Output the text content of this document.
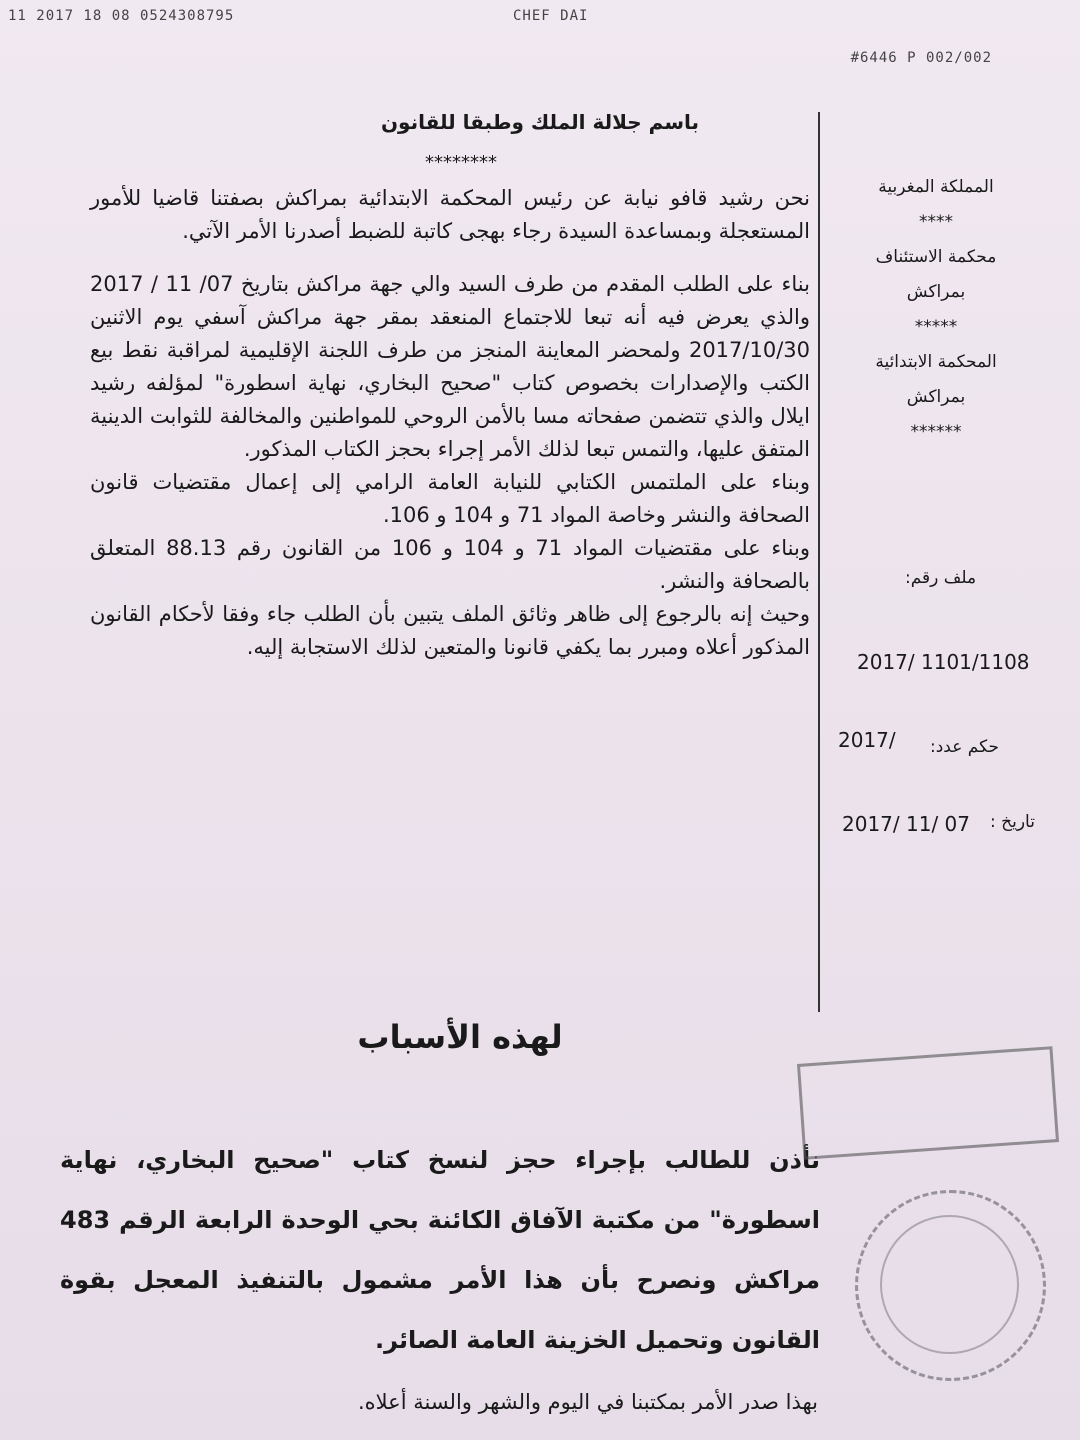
11 2017 18 08 0524308795	CHEF DAI
#6446 P 002/002
باسم جلالة الملك وطبقا للقانون
********

نحن رشيد قافو نيابة عن رئيس المحكمة الابتدائية بمراكش بصفتنا قاضيا للأمور المستعجلة وبمساعدة السيدة رجاء بهجى كاتبة للضبط أصدرنا الأمر الآتي.

بناء على الطلب المقدم من طرف السيد والي جهة مراكش بتاريخ 07/ 11 / 2017 والذي يعرض فيه أنه تبعا للاجتماع المنعقد بمقر جهة مراكش آسفي يوم الاثنين 2017/10/30 ولمحضر المعاينة المنجز من طرف اللجنة الإقليمية لمراقبة نقط بيع الكتب والإصدارات بخصوص كتاب "صحيح البخاري، نهاية اسطورة" لمؤلفه رشيد ايلال والذي تتضمن صفحاته مسا بالأمن الروحي للمواطنين والمخالفة للثوابت الدينية المتفق عليها، والتمس تبعا لذلك الأمر إجراء بحجز الكتاب المذكور.

وبناء على الملتمس الكتابي للنيابة العامة الرامي إلى إعمال مقتضيات قانون الصحافة والنشر وخاصة المواد 71 و 104 و 106.

وبناء على مقتضيات المواد 71 و 104 و 106 من القانون رقم 88.13 المتعلق بالصحافة والنشر.

وحيث إنه بالرجوع إلى ظاهر وثائق الملف يتبين بأن الطلب جاء وفقا لأحكام القانون المذكور أعلاه ومبرر بما يكفي قانونا والمتعين لذلك الاستجابة إليه.

المملكة المغربية
****
محكمة الاستئناف
بمراكش
*****
المحكمة الابتدائية
بمراكش
******
ملف رقم:
2017/ 1101/1108
حكم عدد:
2017/
تاريخ :
2017/ 11/ 07
لهذه الأسباب
نأذن للطالب بإجراء حجز لنسخ كتاب "صحيح البخاري، نهاية اسطورة" من مكتبة الآفاق الكائنة بحي الوحدة الرابعة الرقم 483 مراكش ونصرح بأن هذا الأمر مشمول بالتنفيذ المعجل بقوة القانون وتحميل الخزينة العامة الصائر.
بهذا صدر الأمر بمكتبنا في اليوم والشهر والسنة أعلاه.
